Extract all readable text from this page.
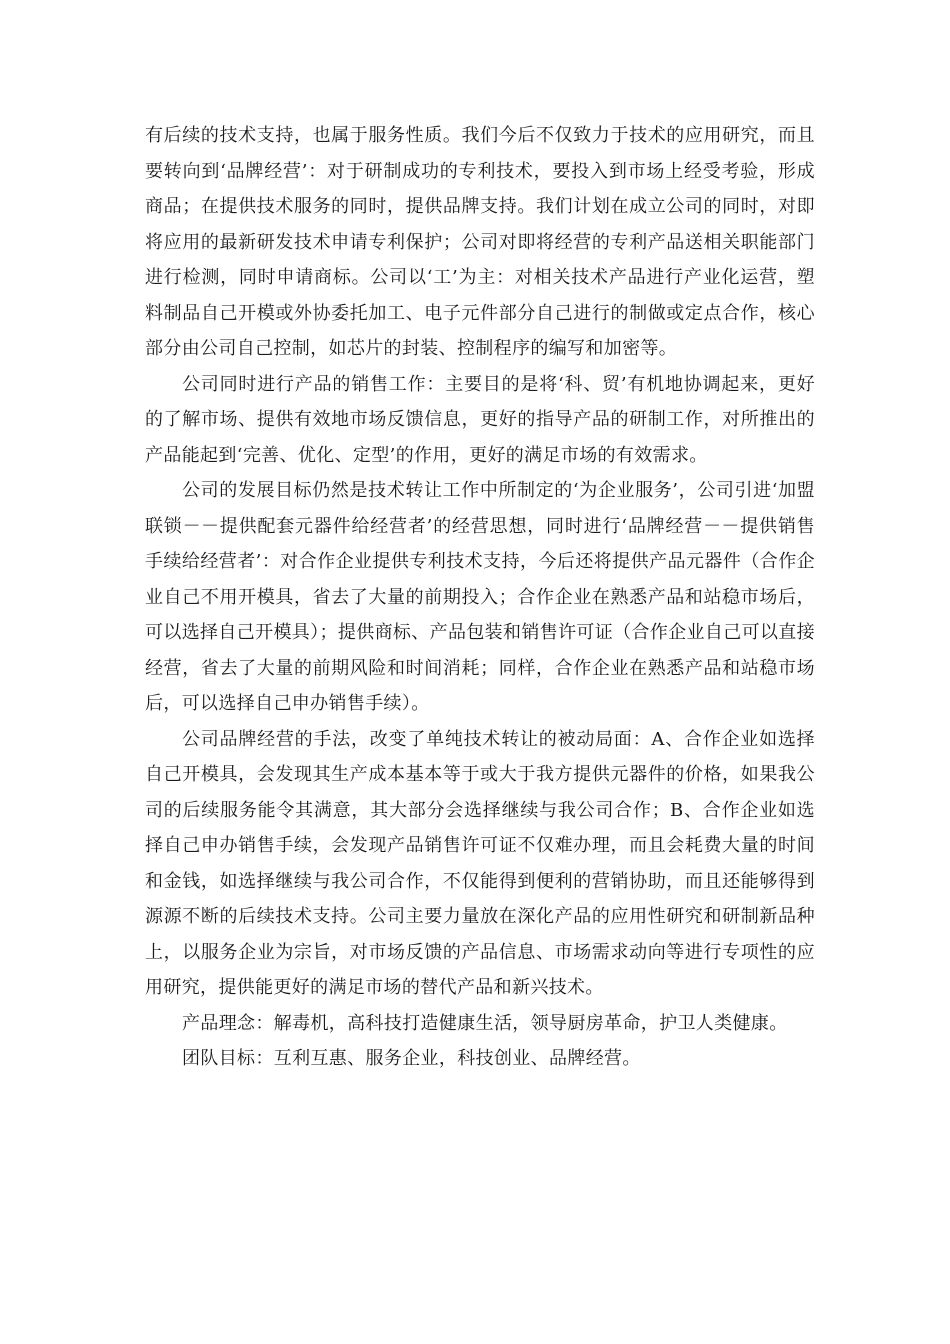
有后续的技术支持，也属于服务性质。我们今后不仅致力于技术的应用研究，而且要转向到‘品牌经营’：对于研制成功的专利技术，要投入到市场上经受考验，形成商品；在提供技术服务的同时，提供品牌支持。我们计划在成立公司的同时，对即将应用的最新研发技术申请专利保护；公司对即将经营的专利产品送相关职能部门进行检测，同时申请商标。公司以‘工’为主：对相关技术产品进行产业化运营，塑料制品自己开模或外协委托加工、电子元件部分自己进行的制做或定点合作，核心部分由公司自己控制，如芯片的封装、控制程序的编写和加密等。

公司同时进行产品的销售工作：主要目的是将‘科、贸’有机地协调起来，更好的了解市场、提供有效地市场反馈信息，更好的指导产品的研制工作，对所推出的产品能起到‘完善、优化、定型’的作用，更好的满足市场的有效需求。

公司的发展目标仍然是技术转让工作中所制定的‘为企业服务’，公司引进‘加盟联锁－－提供配套元器件给经营者’的经营思想，同时进行‘品牌经营－－提供销售手续给经营者’：对合作企业提供专利技术支持，今后还将提供产品元器件（合作企业自己不用开模具，省去了大量的前期投入；合作企业在熟悉产品和站稳市场后，可以选择自己开模具）；提供商标、产品包装和销售许可证（合作企业自己可以直接经营，省去了大量的前期风险和时间消耗；同样，合作企业在熟悉产品和站稳市场后，可以选择自己申办销售手续）。

公司品牌经营的手法，改变了单纯技术转让的被动局面：A、合作企业如选择自己开模具，会发现其生产成本基本等于或大于我方提供元器件的价格，如果我公司的后续服务能令其满意，其大部分会选择继续与我公司合作；B、合作企业如选择自己申办销售手续，会发现产品销售许可证不仅难办理，而且会耗费大量的时间和金钱，如选择继续与我公司合作，不仅能得到便利的营销协助，而且还能够得到源源不断的后续技术支持。公司主要力量放在深化产品的应用性研究和研制新品种上，以服务企业为宗旨，对市场反馈的产品信息、市场需求动向等进行专项性的应用研究，提供能更好的满足市场的替代产品和新兴技术。

产品理念：解毒机，高科技打造健康生活，领导厨房革命，护卫人类健康。

团队目标：互利互惠、服务企业，科技创业、品牌经营。
